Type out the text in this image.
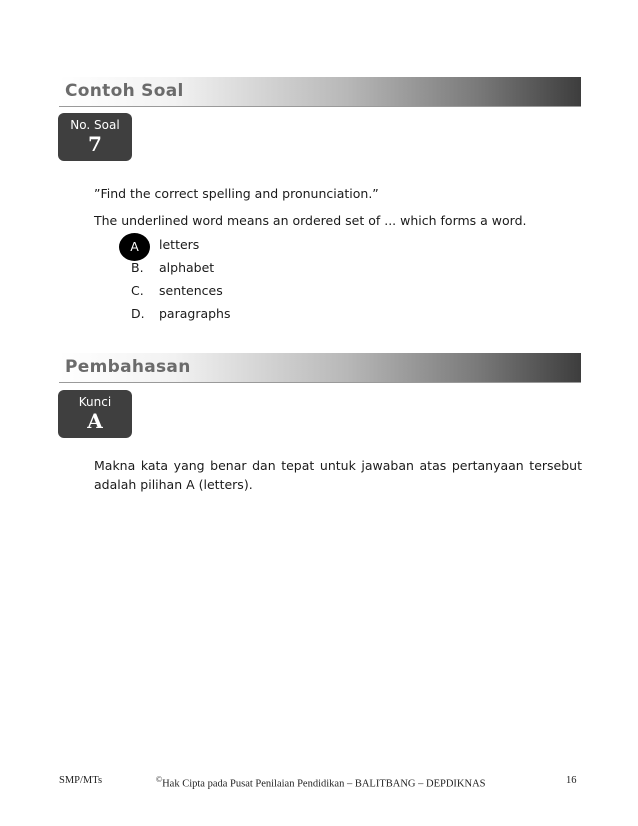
Contoh Soal
No. Soal
7
”Find the correct spelling and pronunciation.”
The underlined word means an ordered set of ... which forms a word.
A	letters
B. alphabet
C. sentences
D. paragraphs
Pembahasan
Kunci
A
Makna kata yang benar dan tepat untuk jawaban atas pertanyaan tersebut adalah pilihan A (letters).
SMP/MTs	©Hak Cipta pada Pusat Penilaian Pendidikan – BALITBANG – DEPDIKNAS	16
